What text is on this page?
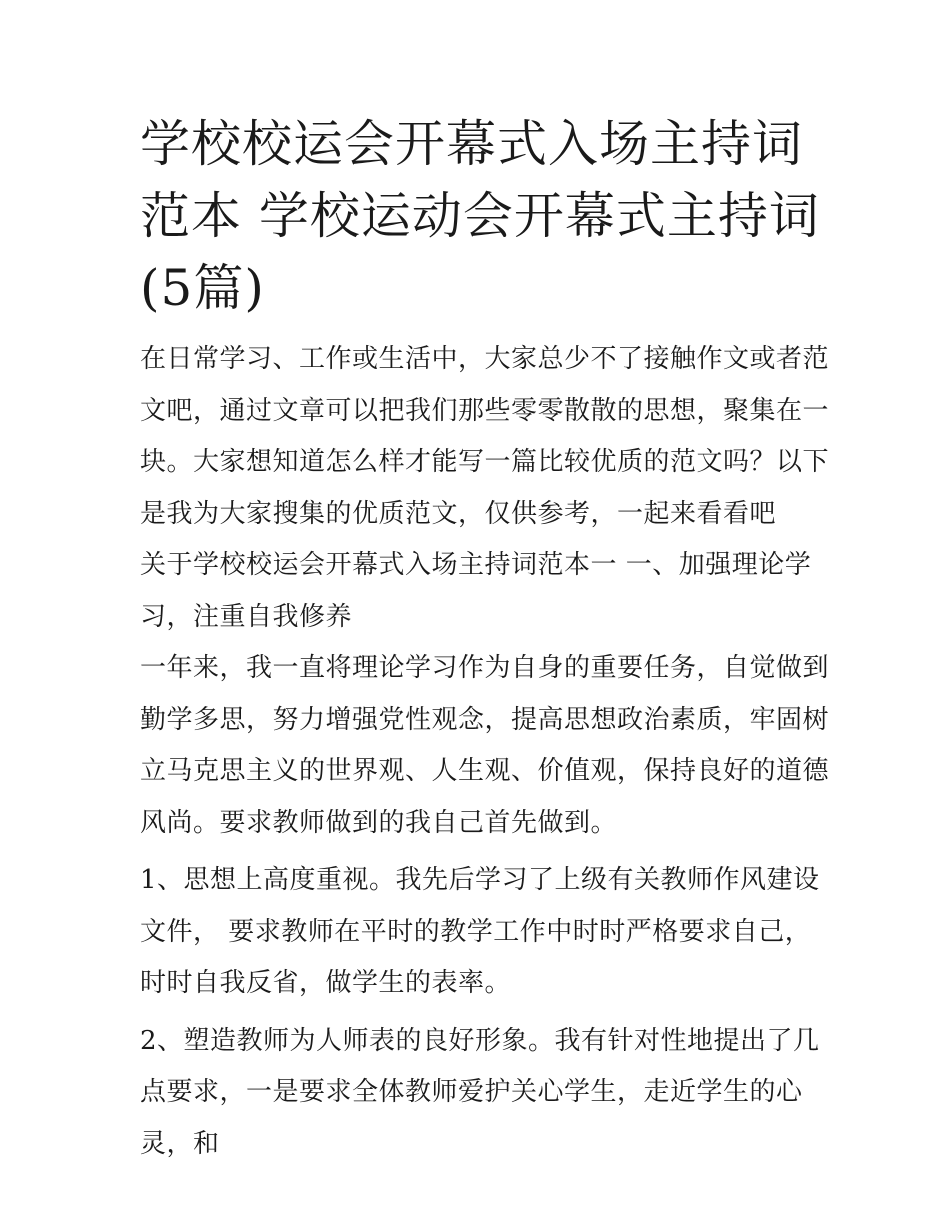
学校校运会开幕式入场主持词范本 学校运动会开幕式主持词(5篇)

在日常学习、工作或生活中，大家总少不了接触作文或者范文吧，通过文章可以把我们那些零零散散的思想，聚集在一块。大家想知道怎么样才能写一篇比较优质的范文吗？以下是我为大家搜集的优质范文，仅供参考，一起来看看吧

关于学校校运会开幕式入场主持词范本一 一、加强理论学习，注重自我修养

一年来，我一直将理论学习作为自身的重要任务，自觉做到勤学多思，努力增强党性观念，提高思想政治素质，牢固树立马克思主义的世界观、人生观、价值观，保持良好的道德风尚。要求教师做到的我自己首先做到。

1、思想上高度重视。我先后学习了上级有关教师作风建设文件， 要求教师在平时的教学工作中时时严格要求自己，时时自我反省，做学生的表率。

2、塑造教师为人师表的良好形象。我有针对性地提出了几点要求，一是要求全体教师爱护关心学生，走近学生的心灵，和
